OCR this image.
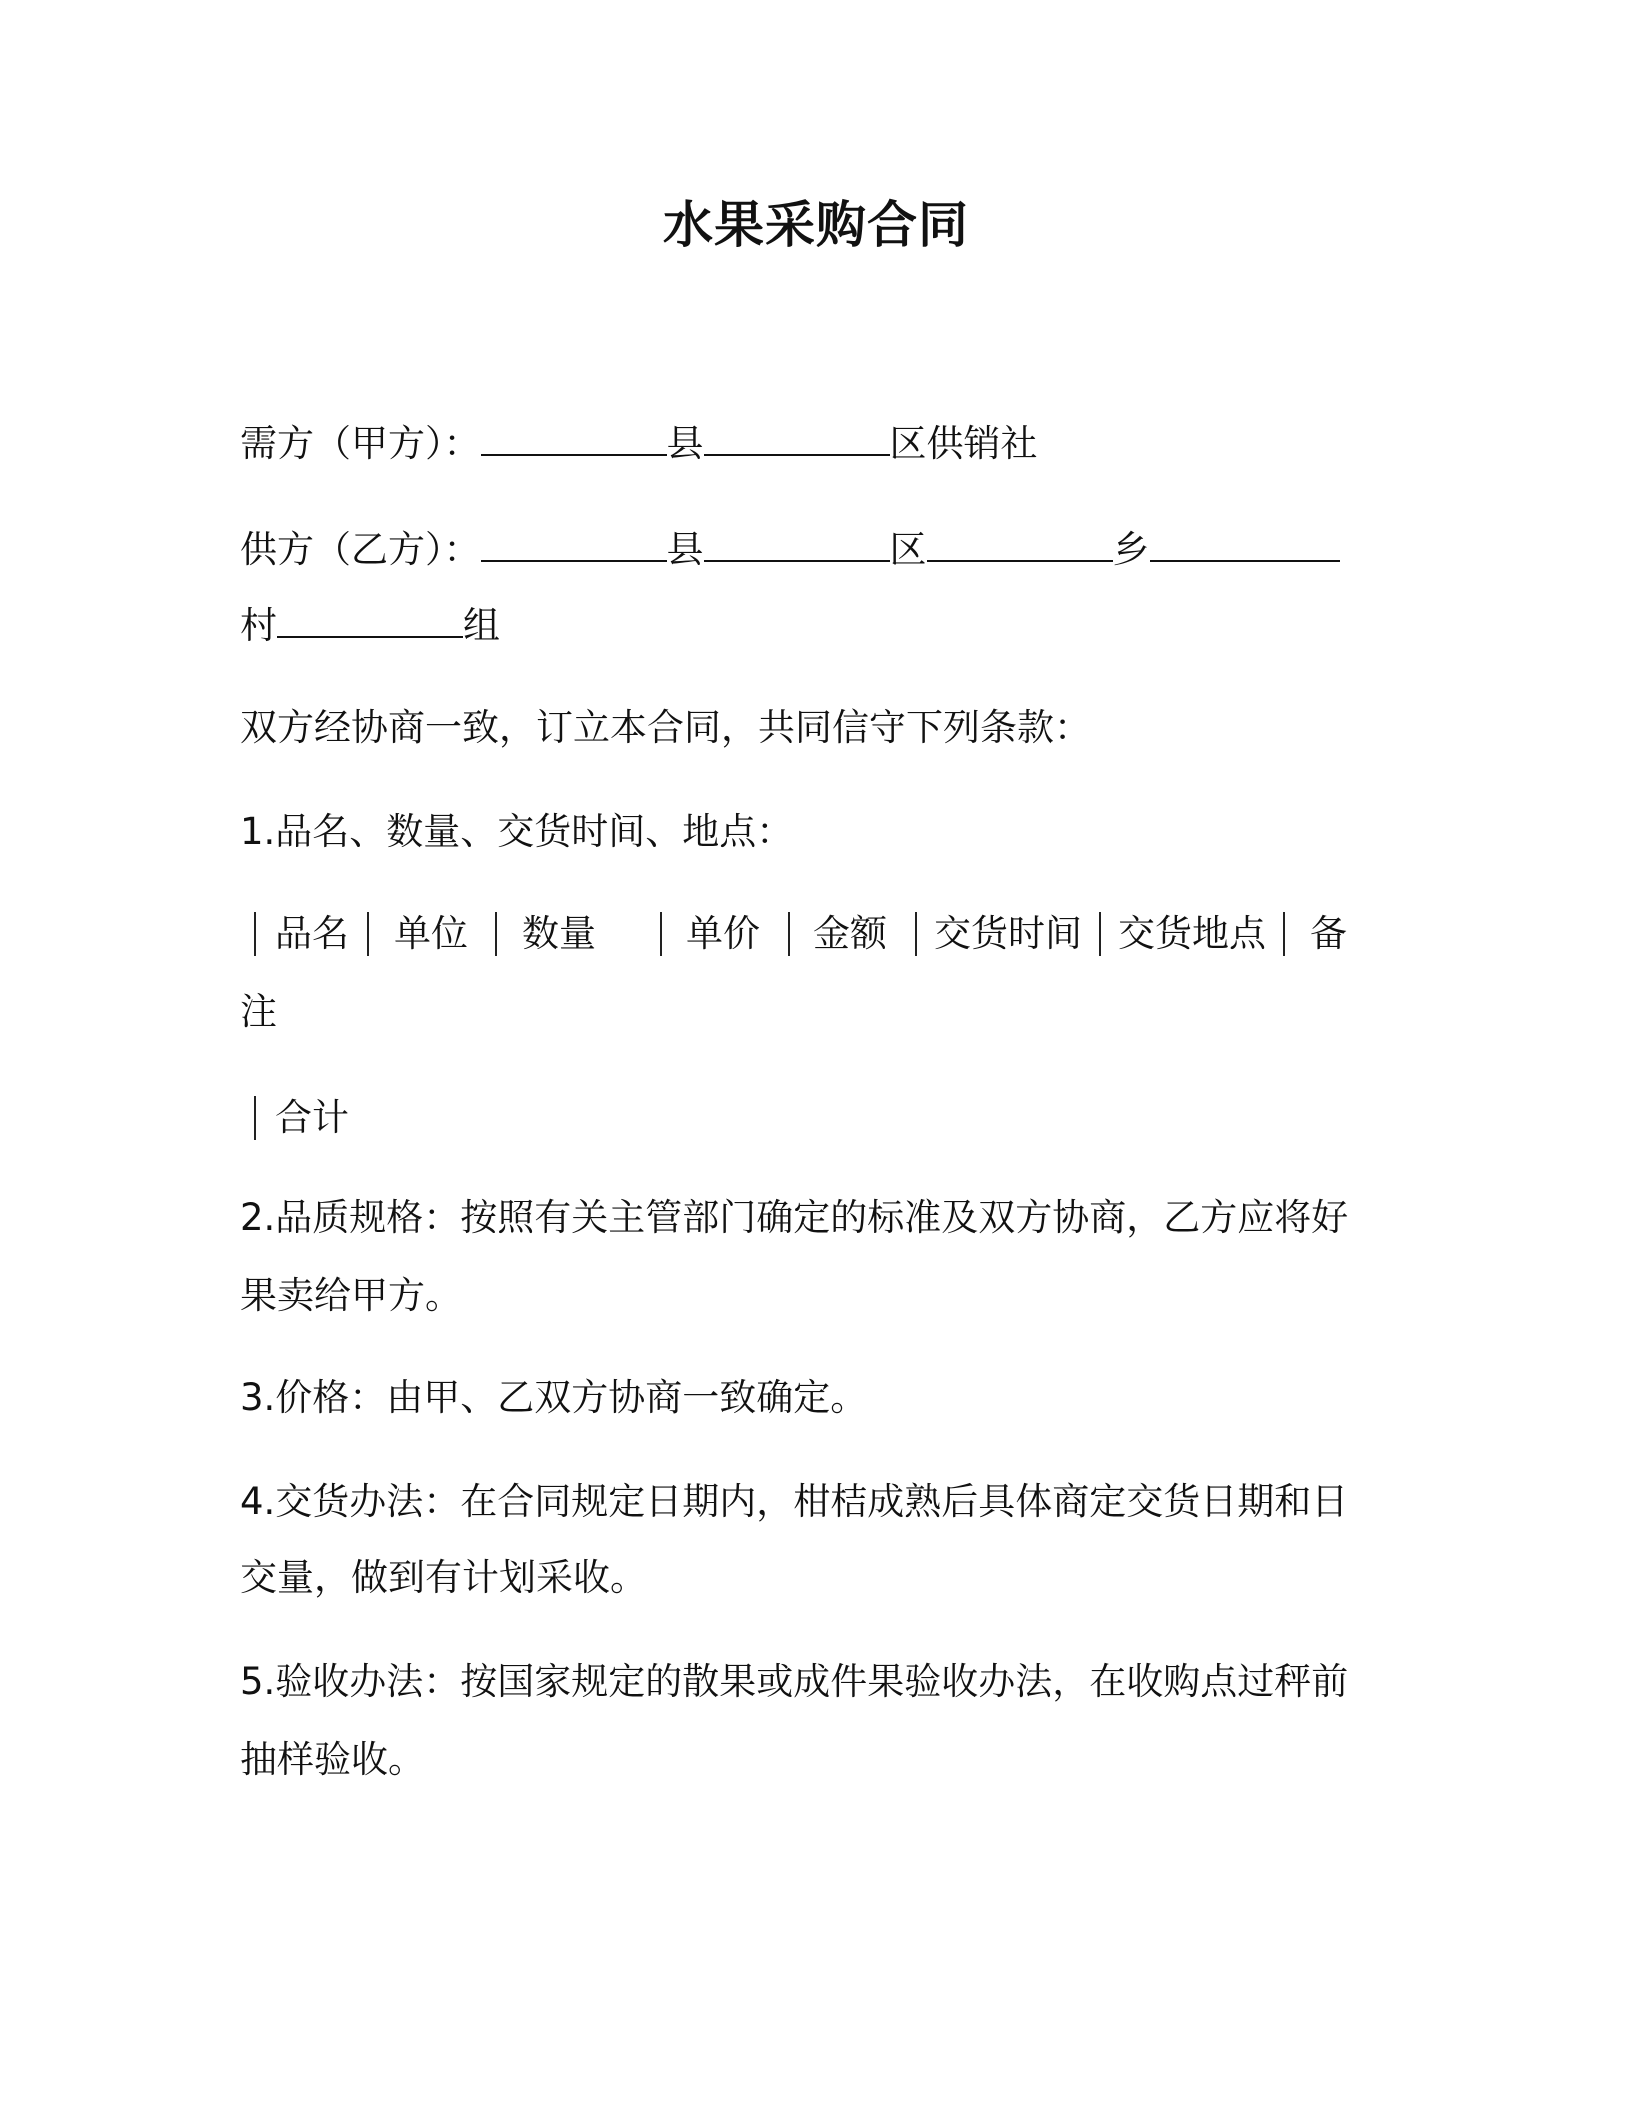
水果采购合同
需方（甲方）：	县	区供销社
供方（乙方）：	县	区	乡
村	组
双方经协商一致，订立本合同，共同信守下列条款：
1.品名、数量、交货时间、地点：
品名 单位 数量 单价 金额 交货时间 交货地点 备
注
合计
2.品质规格：按照有关主管部门确定的标准及双方协商，乙方应将好
果卖给甲方。
3.价格：由甲、乙双方协商一致确定。
4.交货办法：在合同规定日期内，柑桔成熟后具体商定交货日期和日
交量，做到有计划采收。
5.验收办法：按国家规定的散果或成件果验收办法，在收购点过秤前
抽样验收。
